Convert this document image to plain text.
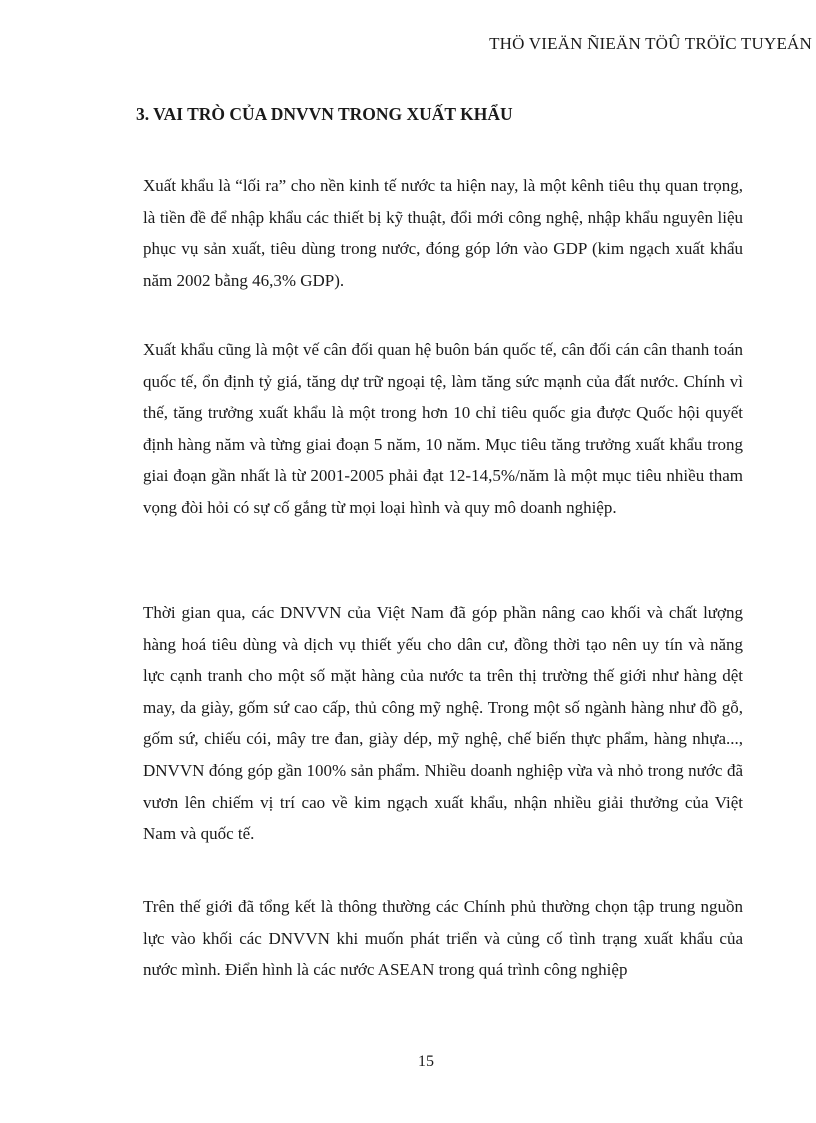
THÖ VIEÄN ÑIEÄN TÖÛ TRÖÏC TUYEÁN
3. VAI TRÒ CỦA DNVVN TRONG XUẤT KHẨU

Xuất khẩu là “lối ra” cho nền kinh tế nước ta hiện nay, là một kênh tiêu thụ quan trọng, là tiền đề để nhập khẩu các thiết bị kỹ thuật, đổi mới công nghệ, nhập khẩu nguyên liệu phục vụ sản xuất, tiêu dùng trong nước, đóng góp lớn vào GDP (kim ngạch xuất khẩu năm 2002 bằng 46,3% GDP).

Xuất khẩu cũng là một vế cân đối quan hệ buôn bán quốc tế, cân đối cán cân thanh toán quốc tế, ổn định tỷ giá, tăng dự trữ ngoại tệ, làm tăng sức mạnh của đất nước. Chính vì thế, tăng trưởng xuất khẩu là một trong hơn 10 chỉ tiêu quốc gia được Quốc hội quyết định hàng năm và từng giai đoạn 5 năm, 10 năm. Mục tiêu tăng trưởng xuất khẩu trong giai đoạn gần nhất là từ 2001-2005 phải đạt 12-14,5%/năm là một mục tiêu nhiều tham vọng đòi hỏi có sự cố gắng từ mọi loại hình và quy mô doanh nghiệp.

Thời gian qua, các DNVVN của Việt Nam đã góp phần nâng cao khối và chất lượng hàng hoá tiêu dùng và dịch vụ thiết yếu cho dân cư, đồng thời tạo nên uy tín và năng lực cạnh tranh cho một số mặt hàng của nước ta trên thị trường thế giới như hàng dệt may, da giày, gốm sứ cao cấp, thủ công mỹ nghệ. Trong một số ngành hàng như đồ gỗ, gốm sứ, chiếu cói, mây tre đan, giày dép, mỹ nghệ, chế biến thực phẩm, hàng nhựa..., DNVVN đóng góp gần 100% sản phẩm. Nhiều doanh nghiệp vừa và nhỏ trong nước đã vươn lên chiếm vị trí cao về kim ngạch xuất khẩu, nhận nhiều giải thưởng của Việt Nam và quốc tế.

Trên thế giới đã tổng kết là thông thường các Chính phủ thường chọn tập trung nguồn lực vào khối các DNVVN khi muốn phát triển và củng cố tình trạng xuất khẩu của nước mình. Điển hình là các nước ASEAN trong quá trình công nghiệp

15
